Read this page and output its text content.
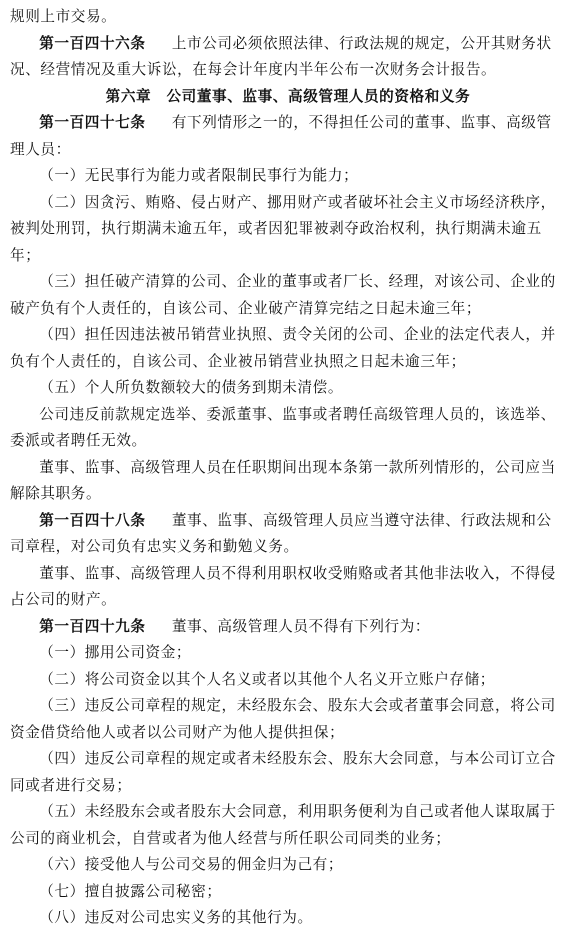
规则上市交易。

第一百四十六条 上市公司必须依照法律、行政法规的规定，公开其财务状况、经营情况及重大诉讼，在每会计年度内半年公布一次财务会计报告。

第六章　公司董事、监事、高级管理人员的资格和义务

第一百四十七条 有下列情形之一的，不得担任公司的董事、监事、高级管理人员：

（一）无民事行为能力或者限制民事行为能力；

（二）因贪污、贿赂、侵占财产、挪用财产或者破坏社会主义市场经济秩序，被判处刑罚，执行期满未逾五年，或者因犯罪被剥夺政治权利，执行期满未逾五年；

（三）担任破产清算的公司、企业的董事或者厂长、经理，对该公司、企业的破产负有个人责任的，自该公司、企业破产清算完结之日起未逾三年；

（四）担任因违法被吊销营业执照、责令关闭的公司、企业的法定代表人，并负有个人责任的，自该公司、企业被吊销营业执照之日起未逾三年；

（五）个人所负数额较大的债务到期未清偿。

公司违反前款规定选举、委派董事、监事或者聘任高级管理人员的，该选举、委派或者聘任无效。

董事、监事、高级管理人员在任职期间出现本条第一款所列情形的，公司应当解除其职务。

第一百四十八条 董事、监事、高级管理人员应当遵守法律、行政法规和公司章程，对公司负有忠实义务和勤勉义务。

董事、监事、高级管理人员不得利用职权收受贿赂或者其他非法收入，不得侵占公司的财产。

第一百四十九条 董事、高级管理人员不得有下列行为：

（一）挪用公司资金；

（二）将公司资金以其个人名义或者以其他个人名义开立账户存储；

（三）违反公司章程的规定，未经股东会、股东大会或者董事会同意，将公司资金借贷给他人或者以公司财产为他人提供担保；

（四）违反公司章程的规定或者未经股东会、股东大会同意，与本公司订立合同或者进行交易；

（五）未经股东会或者股东大会同意，利用职务便利为自己或者他人谋取属于公司的商业机会，自营或者为他人经营与所任职公司同类的业务；

（六）接受他人与公司交易的佣金归为己有；

（七）擅自披露公司秘密；

（八）违反对公司忠实义务的其他行为。
